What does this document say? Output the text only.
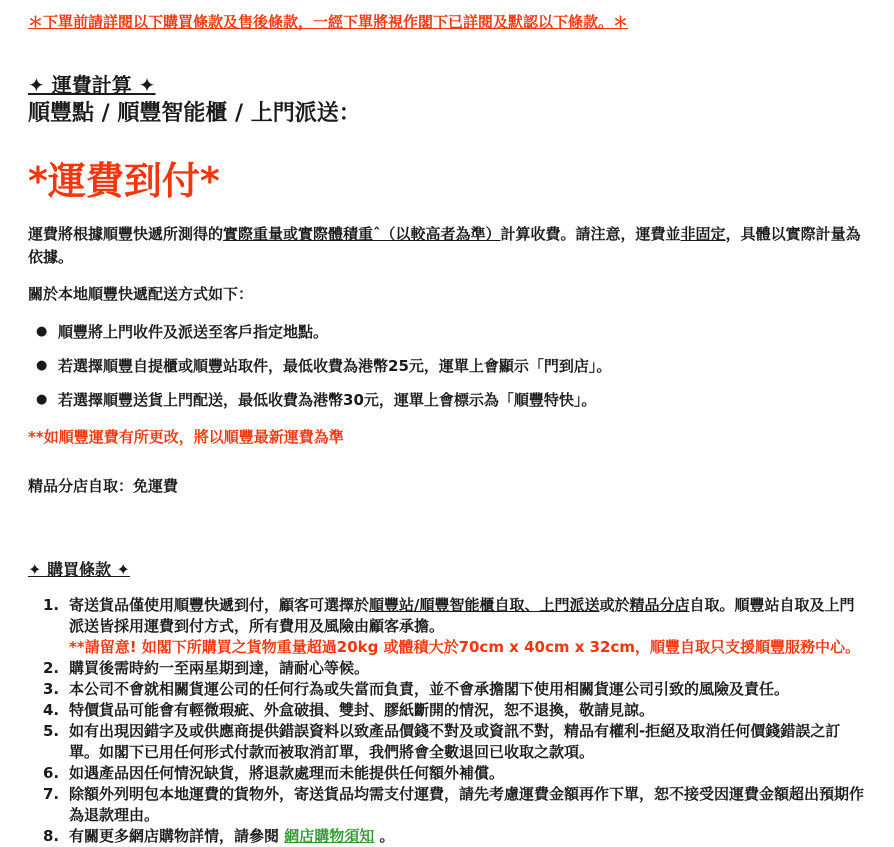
＊下單前請詳閱以下購買條款及售後條款，一經下單將視作閣下已詳閱及默認以下條款。＊
✦ 運費計算 ✦
順豐點 / 順豐智能櫃 / 上門派送：
*運費到付*
運費將根據順豐快遞所測得的實際重量或實際體積重ˆ（以較高者為準）計算收費。請注意，運費並非固定，具體以實際計量為依據。
關於本地順豐快遞配送方式如下：
● 順豐將上門收件及派送至客戶指定地點。
● 若選擇順豐自提櫃或順豐站取件，最低收費為港幣25元，運單上會顯示「門到店」。
● 若選擇順豐送貨上門配送，最低收費為港幣30元，運單上會標示為「順豐特快」。
**如順豐運費有所更改，將以順豐最新運費為準
精品分店自取：免運費
✦ 購買條款 ✦
1. 寄送貨品僅使用順豐快遞到付，顧客可選擇於順豐站/順豐智能櫃自取、上門派送或於精品分店自取。順豐站自取及上門派送皆採用運費到付方式，所有費用及風險由顧客承擔。
**請留意! 如閣下所購買之貨物重量超過20kg 或體積大於70cm x 40cm x 32cm，順豐自取只支援順豐服務中心。
2. 購買後需時約一至兩星期到達，請耐心等候。
3. 本公司不會就相關貨運公司的任何行為或失當而負責，並不會承擔閣下使用相關貨運公司引致的風險及責任。
4. 特價貨品可能會有輕微瑕疵、外盒破損、雙封、膠紙斷開的情況，恕不退換，敬請見諒。
5. 如有出現因錯字及或供應商提供錯誤資料以致產品價錢不對及或資訊不對，精品有權利-拒絕及取消任何價錢錯誤之訂單。如閣下已用任何形式付款而被取消訂單，我們將會全數退回已收取之款項。
6. 如遇產品因任何情況缺貨，將退款處理而未能提供任何額外補償。
7. 除額外列明包本地運費的貨物外，寄送貨品均需支付運費，請先考慮運費金額再作下單，恕不接受因運費金額超出預期作為退款理由。
8. 有關更多網店購物詳情，請參閱 網店購物須知 。
